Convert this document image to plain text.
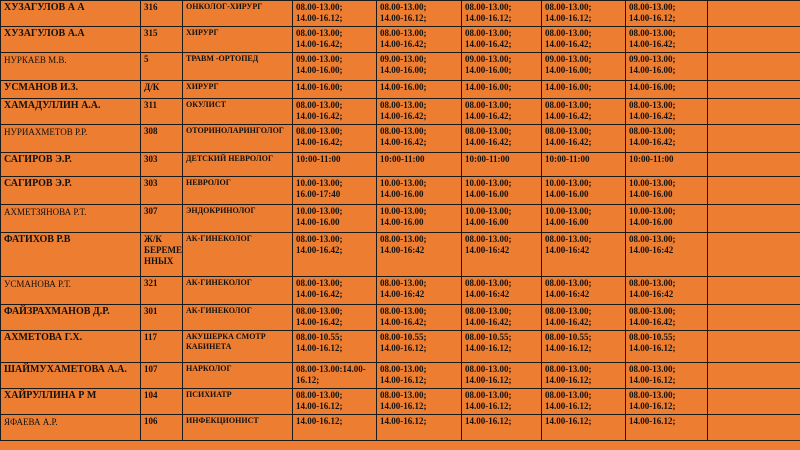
ХУЗАГУЛОВ А А	316	ОНКОЛОГ-ХИРУРГ	08.00-13.00;
14.00-16.12;	08.00-13.00;
14.00-16.12;	08.00-13.00;
14.00-16.12;	08.00-13.00;
14.00-16.12;	08.00-13.00;
14.00-16.12;	
ХУЗАГУЛОВ А.А	315	ХИРУРГ	08.00-13.00;
14.00-16.42;	08.00-13.00;
14.00-16.42;	08.00-13.00;
14.00-16.42;	08.00-13.00;
14.00-16.42;	08.00-13.00;
14.00-16.42;	
НУРКАЕВ М.В.	5	ТРАВМ -ОРТОПЕД	09.00-13.00;
14.00-16.00;	09.00-13.00;
14.00-16.00;	09.00-13.00;
14.00-16.00;	09.00-13.00;
14.00-16.00;	09.00-13.00;
14.00-16.00;	
УСМАНОВ И.З.	Д/К	ХИРУРГ	14.00-16.00;	14.00-16.00;	14.00-16.00;	14.00-16.00;	14.00-16.00;	
ХАМАДУЛЛИН А.А.	311	ОКУЛИСТ	08.00-13.00;
14.00-16.42;	08.00-13.00;
14.00-16.42;	08.00-13.00;
14.00-16.42;	08.00-13.00;
14.00-16.42;	08.00-13.00;
14.00-16.42;	
НУРИАХМЕТОВ Р.Р.	308	ОТОРИНОЛАРИНГОЛОГ	08.00-13.00;
14.00-16.42;	08.00-13.00;
14.00-16.42;	08.00-13.00;
14.00-16.42;	08.00-13.00;
14.00-16.42;	08.00-13.00;
14.00-16.42;	
САГИРОВ Э.Р.	303	ДЕТСКИЙ НЕВРОЛОГ	10:00-11:00	10:00-11:00	10:00-11:00	10:00-11:00	10:00-11:00	
САГИРОВ Э.Р.	303	НЕВРОЛОГ	10.00-13.00;
16.00-17:40	10.00-13.00;
14.00-16.00	10.00-13.00;
14.00-16.00	10.00-13.00;
14.00-16.00	10.00-13.00;
14.00-16.00	
АХМЕТЗЯНОВА Р.Т.	307	ЭНДОКРИНОЛОГ	10.00-13.00;
14.00-16.00	10.00-13.00;
14.00-16.00	10.00-13.00;
14.00-16.00	10.00-13.00;
14.00-16.00	10.00-13.00;
14.00-16.00	
ФАТИХОВ Р.В	Ж/К
БЕРЕМЕ
ННЫХ	АК-ГИНЕКОЛОГ	08.00-13.00;
14.00-16.42;	08.00-13.00;
14.00-16:42	08.00-13.00;
14.00-16:42	08.00-13.00;
14.00-16:42	08.00-13.00;
14.00-16:42	
УСМАНОВА Р.Т.	321	АК-ГИНЕКОЛОГ	08.00-13.00;
14.00-16.42;	08.00-13.00;
14.00-16:42	08.00-13.00;
14.00-16:42	08.00-13.00;
14.00-16:42	08.00-13.00;
14.00-16:42	
ФАЙЗРАХМАНОВ Д.Р.	301	АК-ГИНЕКОЛОГ	08.00-13.00;
14.00-16.42;	08.00-13.00;
14.00-16.42;	08.00-13.00;
14.00-16.42;	08.00-13.00;
14.00-16.42;	08.00-13.00;
14.00-16.42;	
АХМЕТОВА Г.Х.	117	АКУШЕРКА СМОТР
КАБИНЕТА	08.00-10.55;
14.00-16.12;	08.00-10.55;
14.00-16.12;	08.00-10.55;
14.00-16.12;	08.00-10.55;
14.00-16.12;	08.00-10.55;
14.00-16.12;	
ШАЙМУХАМЕТОВА А.А.	107	НАРКОЛОГ	08.00-13.00:14.00-
16.12;	08.00-13.00;
14.00-16.12;	08.00-13.00;
14.00-16.12;	08.00-13.00;
14.00-16.12;	08.00-13.00;
14.00-16.12;	
ХАЙРУЛЛИНА Р М	104	ПСИХИАТР	08.00-13.00;
14.00-16.12;	08.00-13.00;
14.00-16.12;	08.00-13.00;
14.00-16.12;	08.00-13.00;
14.00-16.12;	08.00-13.00;
14.00-16.12;	
ЯФАЕВА А.Р.	106	ИНФЕКЦИОНИСТ	14.00-16.12;	14.00-16.12;	14.00-16.12;	14.00-16.12;	14.00-16.12;	
